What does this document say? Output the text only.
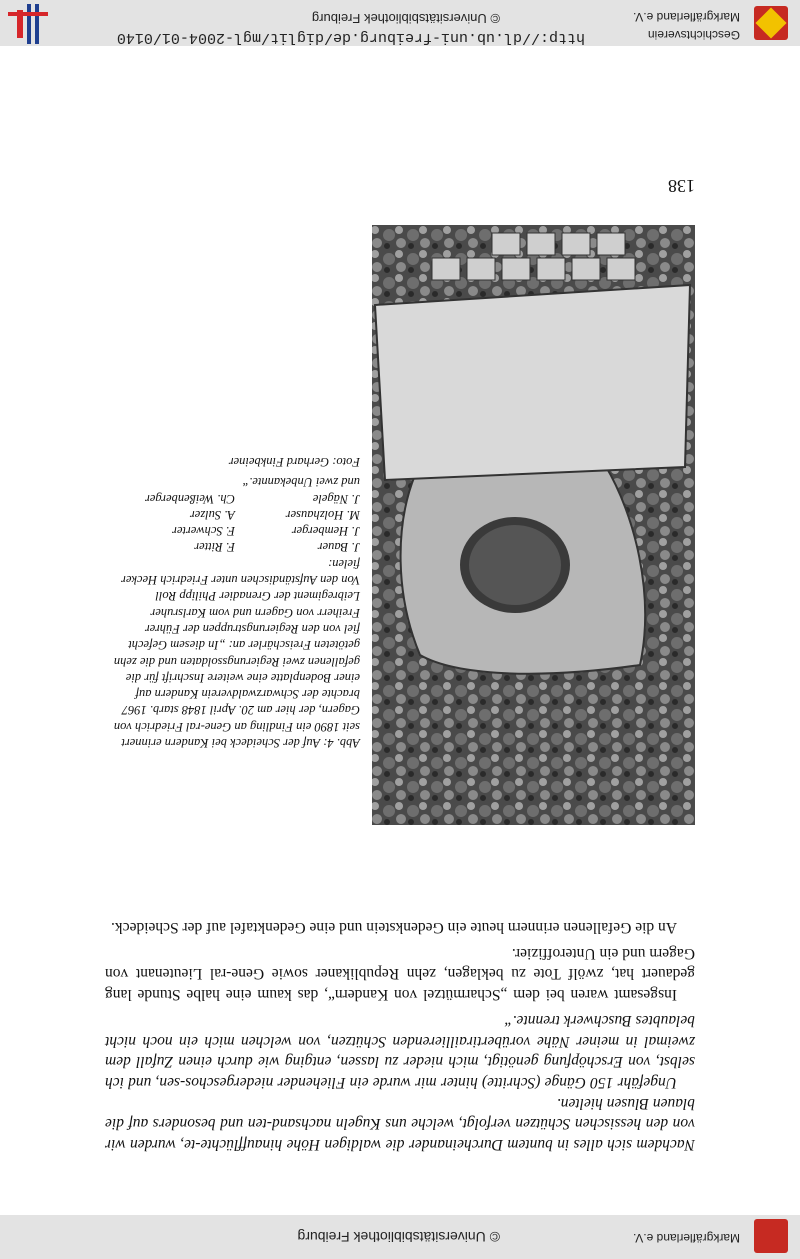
© Universitätsbibliothek Freiburg	Markgräflerland e.V.
Nachdem sich alles in buntem Durcheinander die waldigen Höhe hinaufflüchte-te, wurden wir von den hessischen Schützen verfolgt, welche uns Kugeln nachsand-ten und besonders auf die blauen Blusen hielten.
Ungefähr 150 Gänge (Schritte) hinter mir wurde ein Fliehender niedergeschos-sen, und ich selbst, von Erschöpfung genötigt, mich nieder zu lassen, entging wie durch einen Zufall dem zweimal in meiner Nähe vorübertiraillierenden Schützen, von welchen mich ein noch nicht belaubtes Buschwerk trennte.“
Insgesamt waren bei dem „Scharmützel von Kandern“, das kaum eine halbe Stunde lang gedauert hat, zwölf Tote zu beklagen, zehn Republikaner sowie Gene-ral Lieutenant von Gagern und ein Unteroffizier.
An die Gefallenen erinnern heute ein Gedenkstein und eine Gedenktafel auf der Scheideck.
Abb. 4: Auf der Scheideck bei Kandern erinnert seit 1890 ein Findling an Gene-ral Friedrich von Gagern, der hier am 20. April 1848 starb. 1967 brachte der Schwarzwaldverein Kandern auf einer Bodenplatte eine weitere Inschrift für die gefallenen zwei Regierungssoldaten und die zehn getöteten Freischärler an: „In diesem Gefecht fiel von den Regierungstruppen der Führer Freiherr von Gagern und vom Karlsruher Leibregiment der Grenadier Philipp Roll
Von den Aufständischen unter Friedrich Hecker fielen:
J. Bauer
F. Ritter
J. Hemberger
F. Schwerter
M. Holzhauser
A. Sulzer
J. Nägele
Ch. Weißenberger
und zwei Unbekannte.“
Foto: Gerhard Finkbeiner
138
http://dl.ub.uni-freiburg.de/diglit/mgl-2004-01/0140
© Universitätsbibliothek Freiburg
Geschichtsverein
Markgräflerland e.V.
